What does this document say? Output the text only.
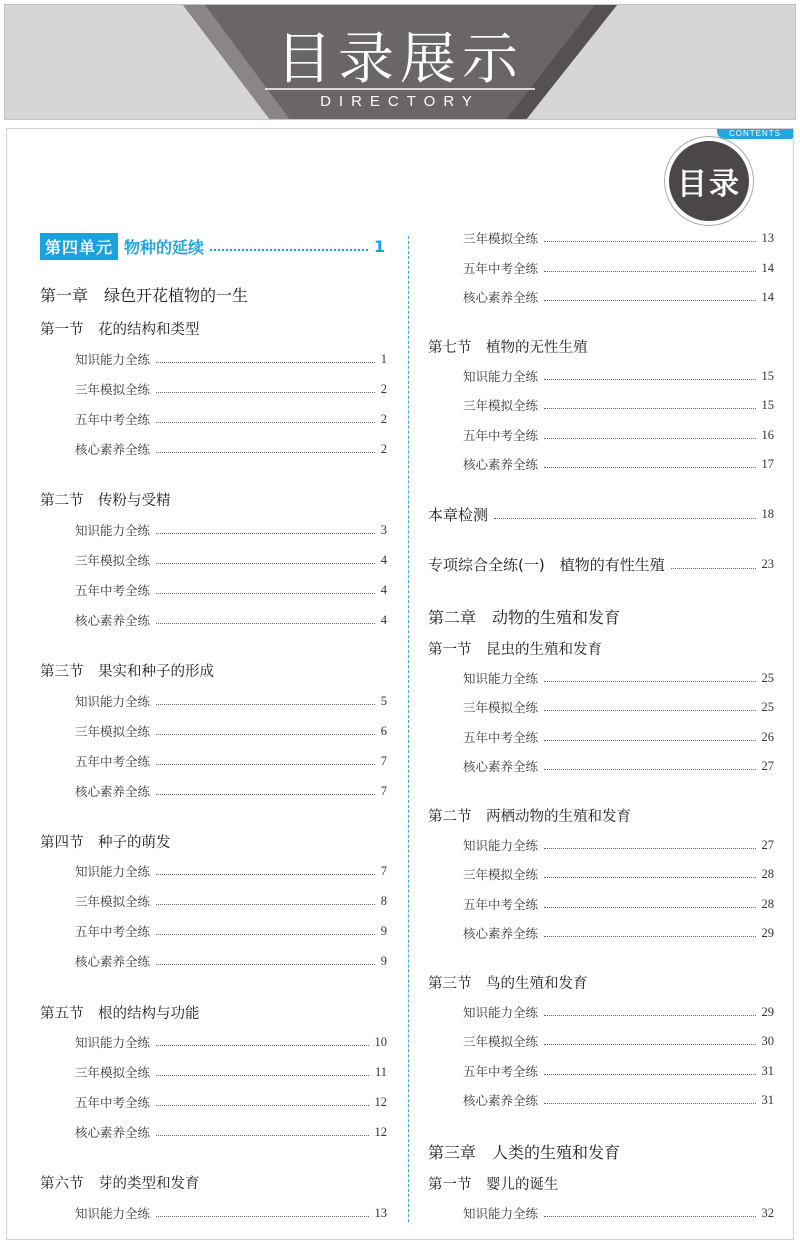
目录展示
DIRECTORY
CONTENTS
目录
第四单元 物种的延续	1
第一章　绿色开花植物的一生
第一节　花的结构和类型
知识能力全练	1
三年模拟全练	2
五年中考全练	2
核心素养全练	2
第二节　传粉与受精
知识能力全练	3
三年模拟全练	4
五年中考全练	4
核心素养全练	4
第三节　果实和种子的形成
知识能力全练	5
三年模拟全练	6
五年中考全练	7
核心素养全练	7
第四节　种子的萌发
知识能力全练	7
三年模拟全练	8
五年中考全练	9
核心素养全练	9
第五节　根的结构与功能
知识能力全练	10
三年模拟全练	11
五年中考全练	12
核心素养全练	12
第六节　芽的类型和发育
知识能力全练	13
三年模拟全练	13
五年中考全练	14
核心素养全练	14
第七节　植物的无性生殖
知识能力全练	15
三年模拟全练	15
五年中考全练	16
核心素养全练	17
本章检测	18
专项综合全练(一)　植物的有性生殖	23
第二章　动物的生殖和发育
第一节　昆虫的生殖和发育
知识能力全练	25
三年模拟全练	25
五年中考全练	26
核心素养全练	27
第二节　两栖动物的生殖和发育
知识能力全练	27
三年模拟全练	28
五年中考全练	28
核心素养全练	29
第三节　鸟的生殖和发育
知识能力全练	29
三年模拟全练	30
五年中考全练	31
核心素养全练	31
第三章　人类的生殖和发育
第一节　婴儿的诞生
知识能力全练	32
